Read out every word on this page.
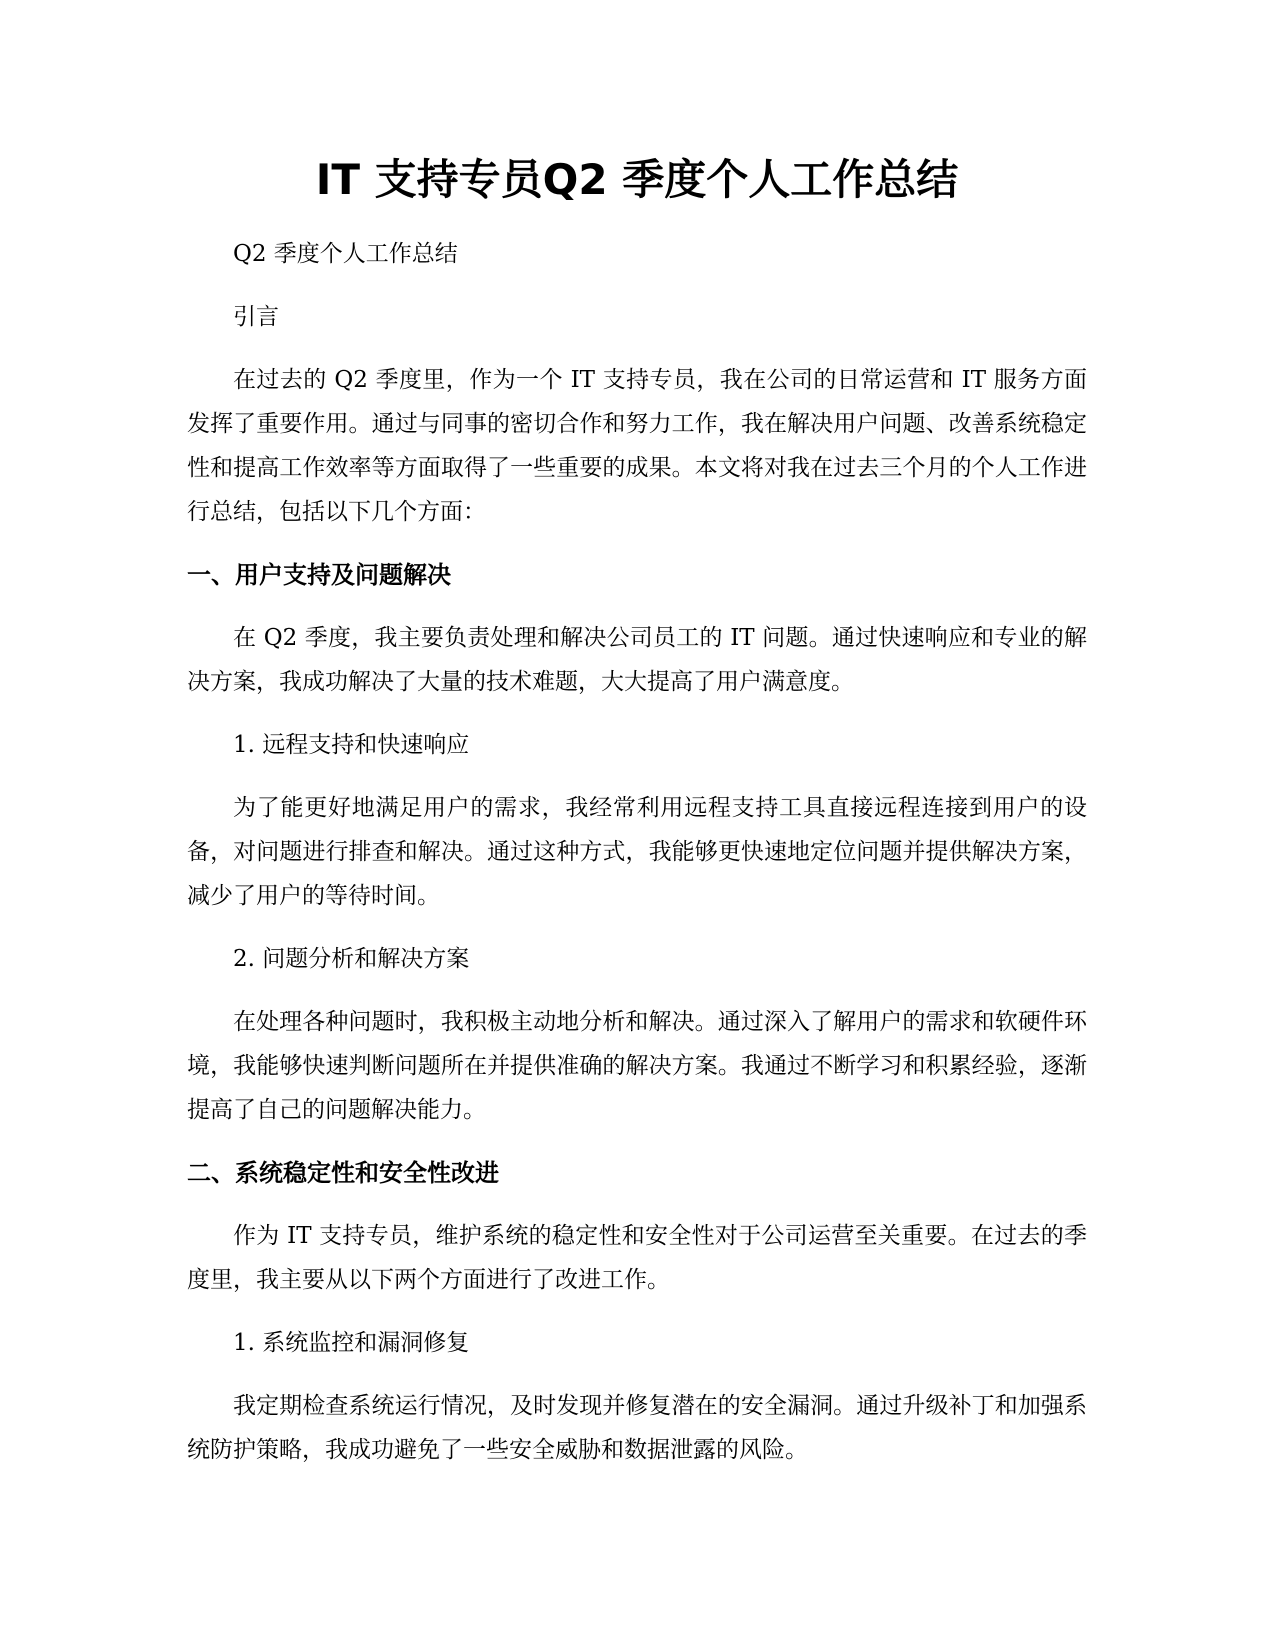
IT 支持专员Q2 季度个人工作总结

Q2 季度个人工作总结

引言

在过去的 Q2 季度里，作为一个 IT 支持专员，我在公司的日常运营和 IT 服务方面发挥了重要作用。通过与同事的密切合作和努力工作，我在解决用户问题、改善系统稳定性和提高工作效率等方面取得了一些重要的成果。本文将对我在过去三个月的个人工作进行总结，包括以下几个方面：

一、用户支持及问题解决

在 Q2 季度，我主要负责处理和解决公司员工的 IT 问题。通过快速响应和专业的解决方案，我成功解决了大量的技术难题，大大提高了用户满意度。

1. 远程支持和快速响应

为了能更好地满足用户的需求，我经常利用远程支持工具直接远程连接到用户的设备，对问题进行排查和解决。通过这种方式，我能够更快速地定位问题并提供解决方案，减少了用户的等待时间。

2. 问题分析和解决方案

在处理各种问题时，我积极主动地分析和解决。通过深入了解用户的需求和软硬件环境，我能够快速判断问题所在并提供准确的解决方案。我通过不断学习和积累经验，逐渐提高了自己的问题解决能力。

二、系统稳定性和安全性改进

作为 IT 支持专员，维护系统的稳定性和安全性对于公司运营至关重要。在过去的季度里，我主要从以下两个方面进行了改进工作。

1. 系统监控和漏洞修复

我定期检查系统运行情况，及时发现并修复潜在的安全漏洞。通过升级补丁和加强系统防护策略，我成功避免了一些安全威胁和数据泄露的风险。
